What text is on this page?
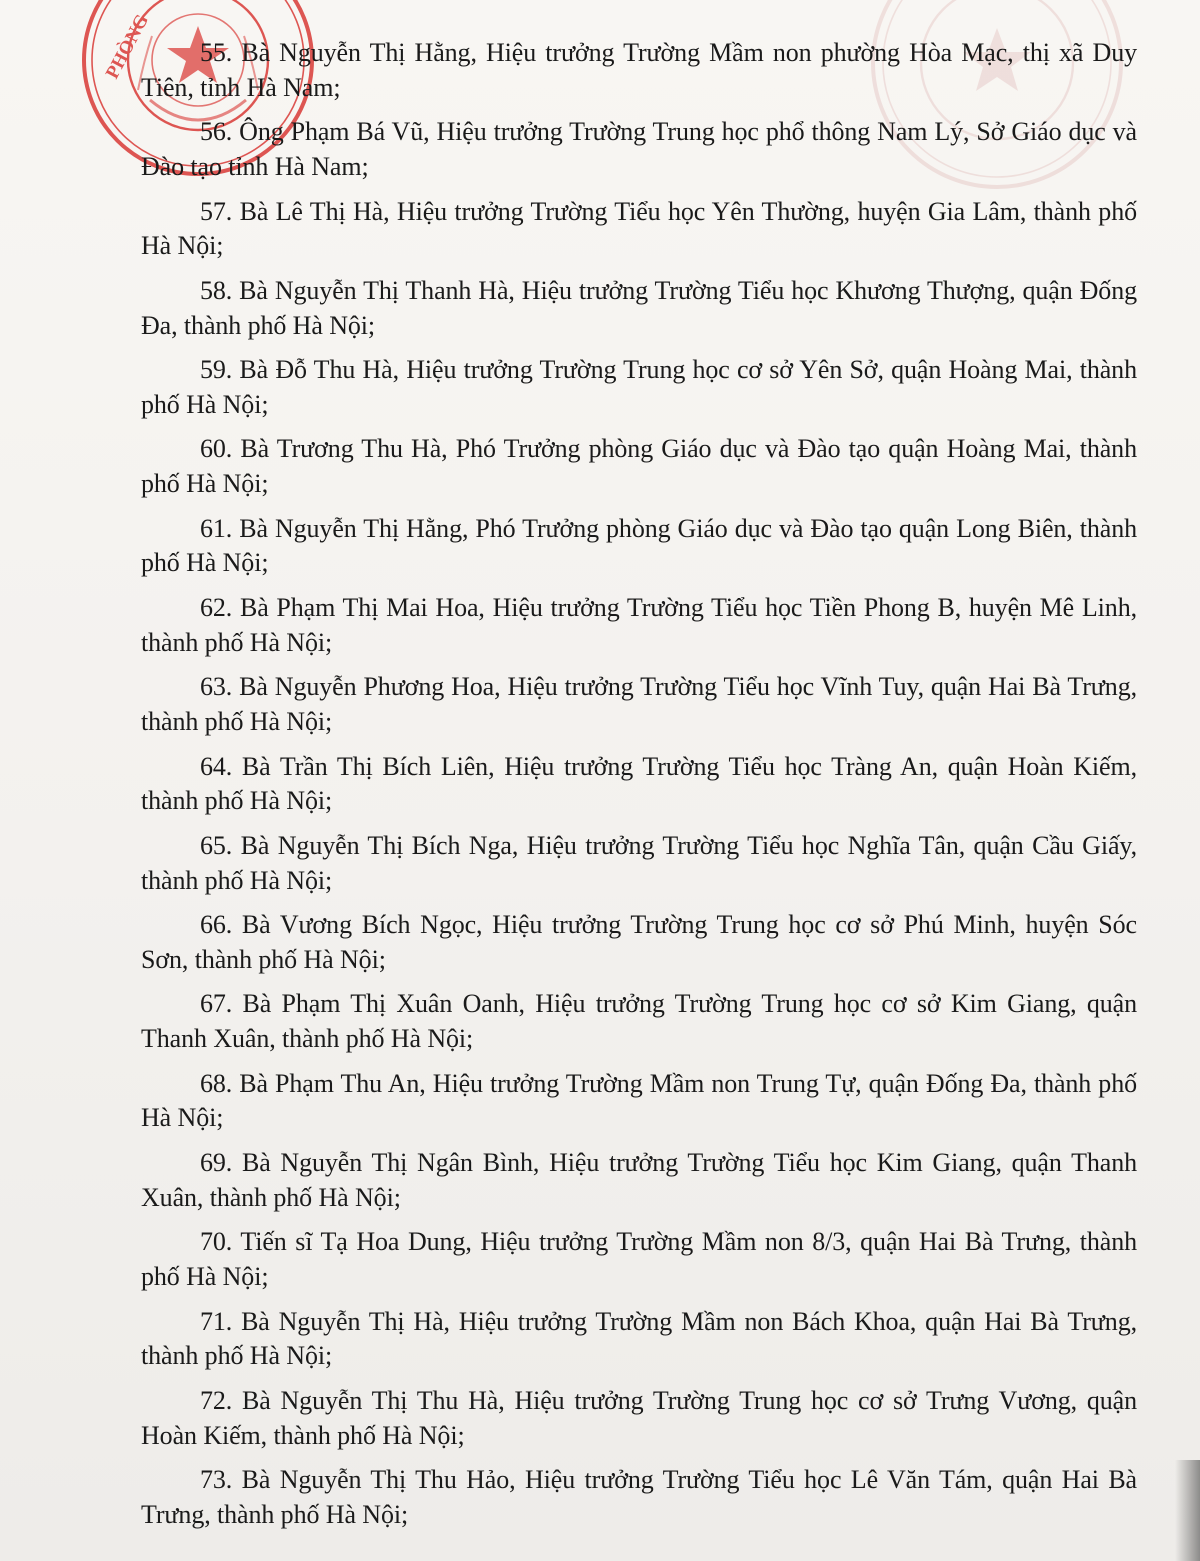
PHÒNG	55. Bà Nguyễn Thị Hằng, Hiệu trưởng Trường Mầm non phường Hòa Mạc, thị xã Duy Tiên, tỉnh Hà Nam;

56. Ông Phạm Bá Vũ, Hiệu trưởng Trường Trung học phổ thông Nam Lý, Sở Giáo dục và Đào tạo tỉnh Hà Nam;

57. Bà Lê Thị Hà, Hiệu trưởng Trường Tiểu học Yên Thường, huyện Gia Lâm, thành phố Hà Nội;

58. Bà Nguyễn Thị Thanh Hà, Hiệu trưởng Trường Tiểu học Khương Thượng, quận Đống Đa, thành phố Hà Nội;

59. Bà Đỗ Thu Hà, Hiệu trưởng Trường Trung học cơ sở Yên Sở, quận Hoàng Mai, thành phố Hà Nội;

60. Bà Trương Thu Hà, Phó Trưởng phòng Giáo dục và Đào tạo quận Hoàng Mai, thành phố Hà Nội;

61. Bà Nguyễn Thị Hằng, Phó Trưởng phòng Giáo dục và Đào tạo quận Long Biên, thành phố Hà Nội;

62. Bà Phạm Thị Mai Hoa, Hiệu trưởng Trường Tiểu học Tiền Phong B, huyện Mê Linh, thành phố Hà Nội;

63. Bà Nguyễn Phương Hoa, Hiệu trưởng Trường Tiểu học Vĩnh Tuy, quận Hai Bà Trưng, thành phố Hà Nội;

64. Bà Trần Thị Bích Liên, Hiệu trưởng Trường Tiểu học Tràng An, quận Hoàn Kiếm, thành phố Hà Nội;

65. Bà Nguyễn Thị Bích Nga, Hiệu trưởng Trường Tiểu học Nghĩa Tân, quận Cầu Giấy, thành phố Hà Nội;

66. Bà Vương Bích Ngọc, Hiệu trưởng Trường Trung học cơ sở Phú Minh, huyện Sóc Sơn, thành phố Hà Nội;

67. Bà Phạm Thị Xuân Oanh, Hiệu trưởng Trường Trung học cơ sở Kim Giang, quận Thanh Xuân, thành phố Hà Nội;

68. Bà Phạm Thu An, Hiệu trưởng Trường Mầm non Trung Tự, quận Đống Đa, thành phố Hà Nội;

69. Bà Nguyễn Thị Ngân Bình, Hiệu trưởng Trường Tiểu học Kim Giang, quận Thanh Xuân, thành phố Hà Nội;

70. Tiến sĩ Tạ Hoa Dung, Hiệu trưởng Trường Mầm non 8/3, quận Hai Bà Trưng, thành phố Hà Nội;

71. Bà Nguyễn Thị Hà, Hiệu trưởng Trường Mầm non Bách Khoa, quận Hai Bà Trưng, thành phố Hà Nội;

72. Bà Nguyễn Thị Thu Hà, Hiệu trưởng Trường Trung học cơ sở Trưng Vương, quận Hoàn Kiếm, thành phố Hà Nội;

73. Bà Nguyễn Thị Thu Hảo, Hiệu trưởng Trường Tiểu học Lê Văn Tám, quận Hai Bà Trưng, thành phố Hà Nội;
